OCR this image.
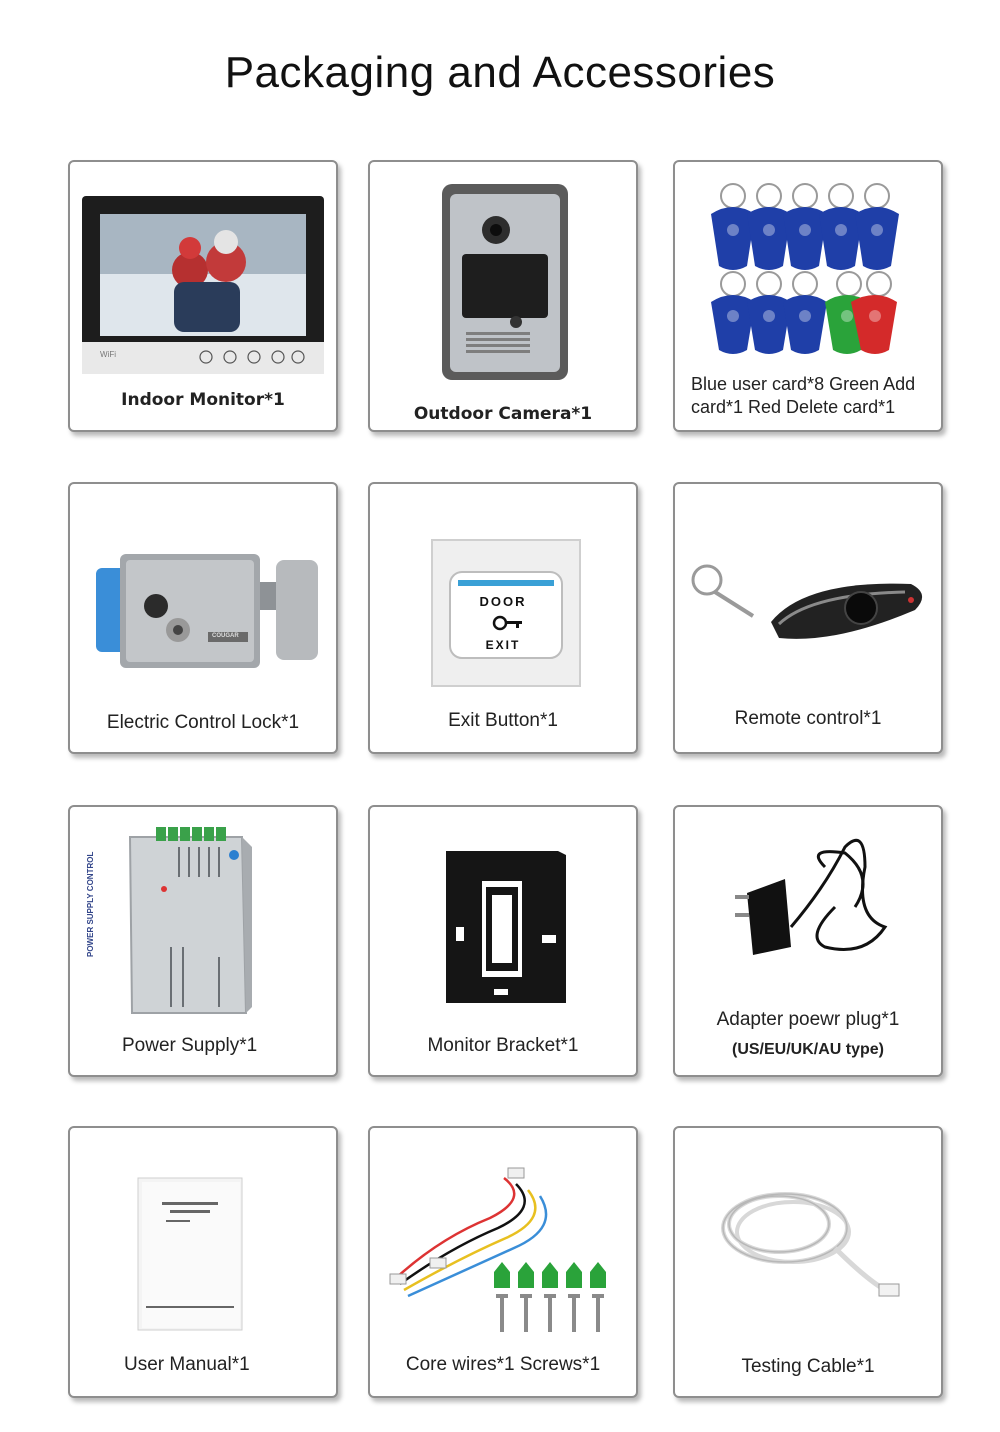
Packaging and Accessories
WiFi
Indoor Monitor*1
Outdoor Camera*1
Blue user card*8 Green Add
card*1 Red Delete card*1
COUGAR
Electric Control Lock*1
DOOR
EXIT
Exit Button*1	Remote control*1
POWER SUPPLY CONTROL
Power Supply*1	Monitor Bracket*1
Adapter poewr plug*1
(US/EU/UK/AU type)
User Manual*1	Core wires*1 Screws*1	Testing Cable*1
